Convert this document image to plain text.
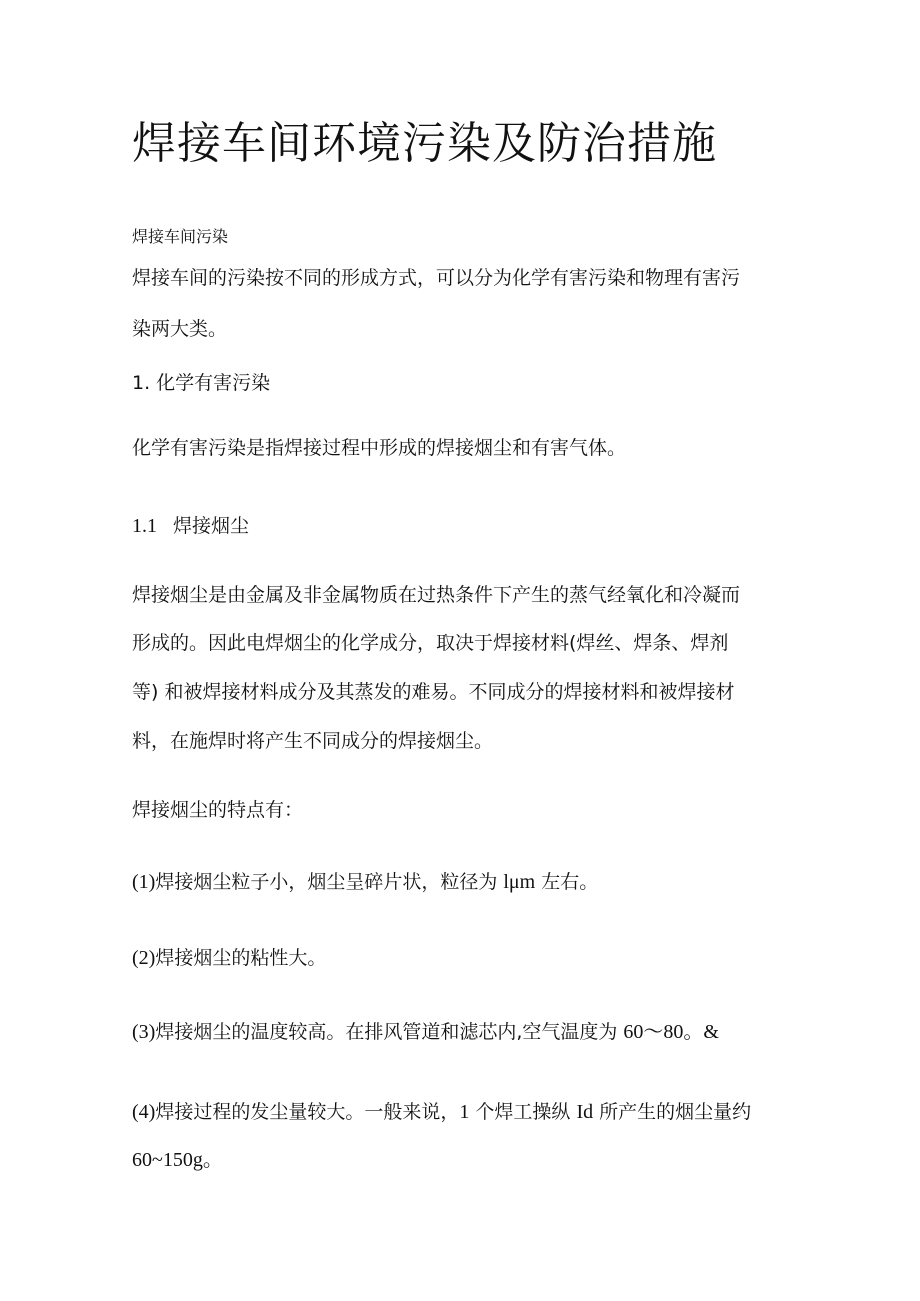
焊接车间环境污染及防治措施

焊接车间污染

焊接车间的污染按不同的形成方式，可以分为化学有害污染和物理有害污

染两大类。

1. 化学有害污染

化学有害污染是指焊接过程中形成的焊接烟尘和有害气体。

1.1 焊接烟尘

焊接烟尘是由金属及非金属物质在过热条件下产生的蒸气经氧化和冷凝而

形成的。因此电焊烟尘的化学成分，取决于焊接材料(焊丝、焊条、焊剂

等) 和被焊接材料成分及其蒸发的难易。不同成分的焊接材料和被焊接材

料，在施焊时将产生不同成分的焊接烟尘。

焊接烟尘的特点有：

(1)焊接烟尘粒子小，烟尘呈碎片状，粒径为 lμm 左右。

(2)焊接烟尘的粘性大。

(3)焊接烟尘的温度较高。在排风管道和滤芯内,空气温度为 60～80。&

(4)焊接过程的发尘量较大。一般来说，1 个焊工操纵 Id 所产生的烟尘量约

60~150g。
